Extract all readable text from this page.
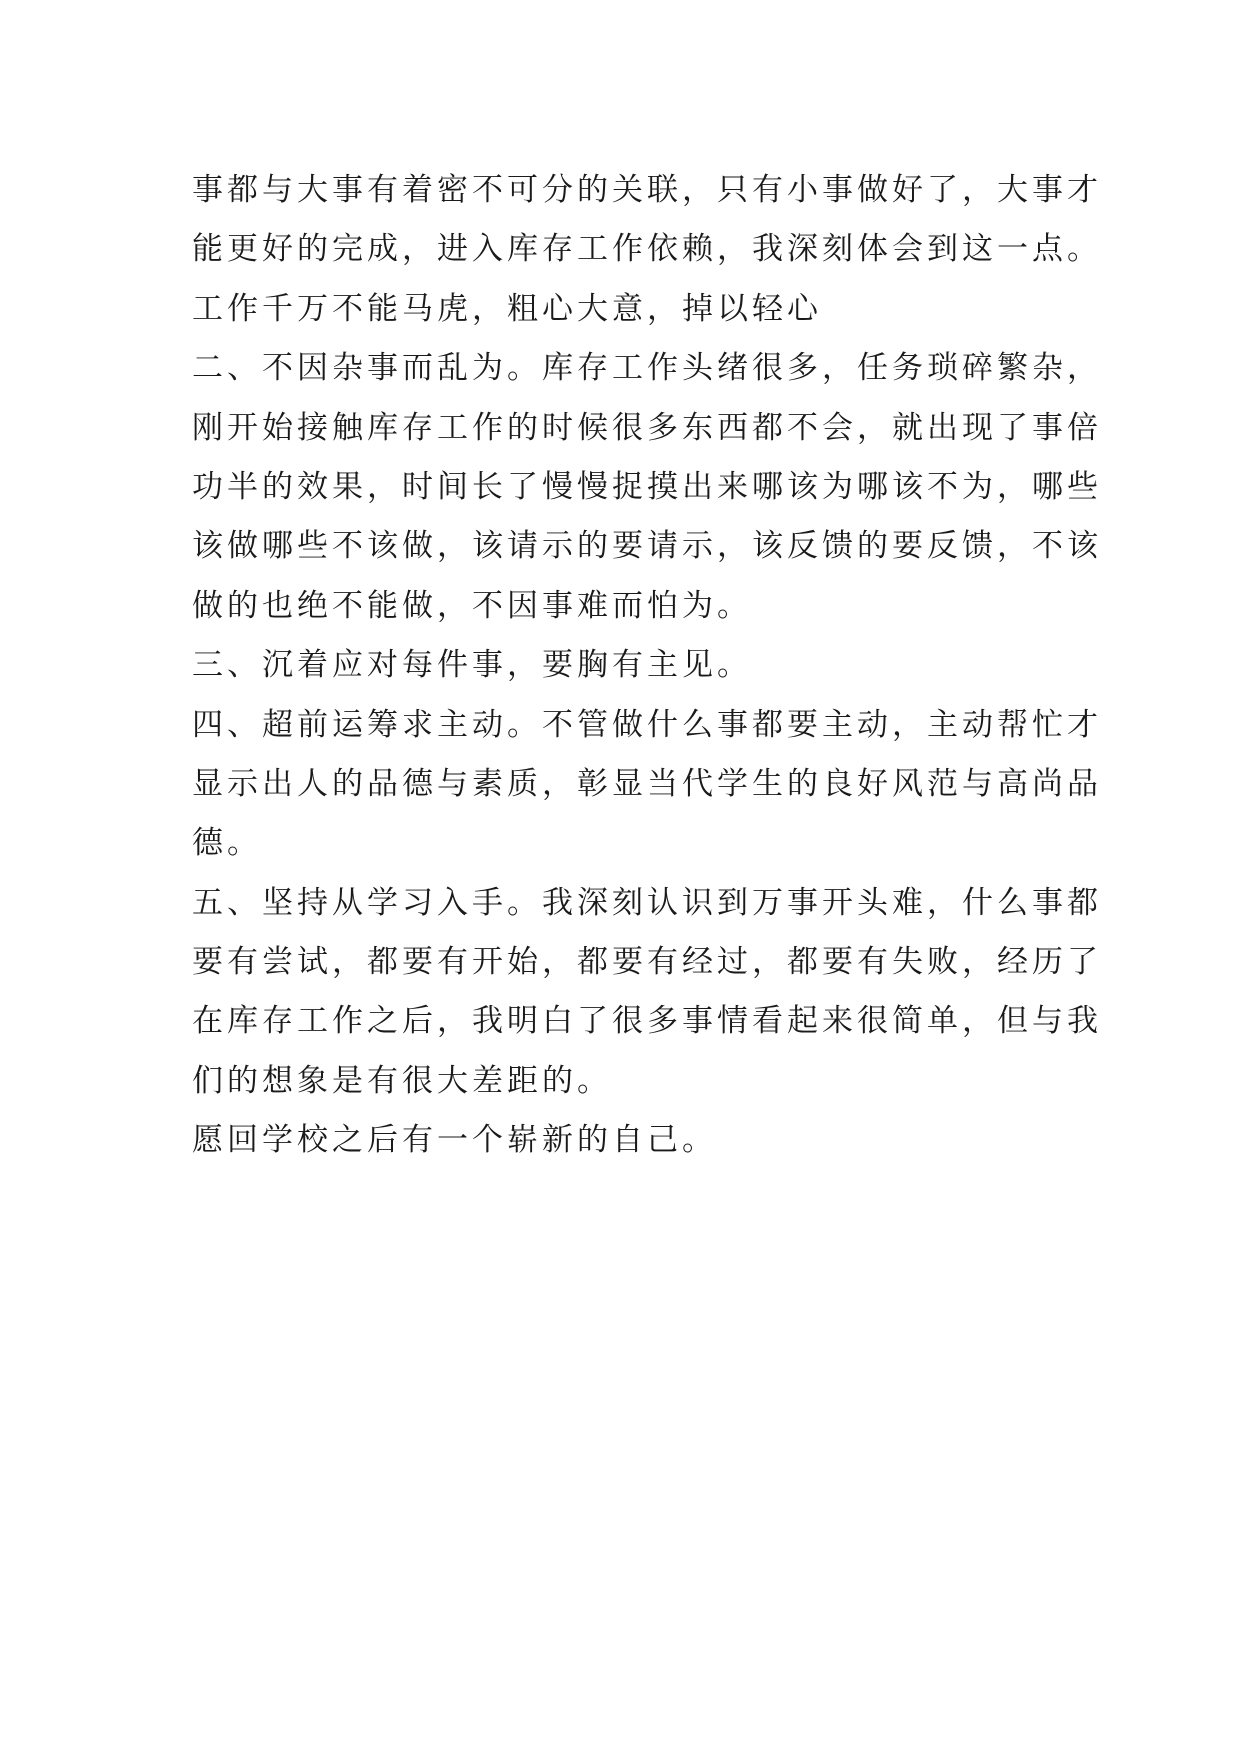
事都与大事有着密不可分的关联，只有小事做好了，大事才
能更好的完成，进入库存工作依赖，我深刻体会到这一点。
工作千万不能马虎，粗心大意，掉以轻心
二、不因杂事而乱为。库存工作头绪很多，任务琐碎繁杂，
刚开始接触库存工作的时候很多东西都不会，就出现了事倍
功半的效果，时间长了慢慢捉摸出来哪该为哪该不为，哪些
该做哪些不该做，该请示的要请示，该反馈的要反馈，不该
做的也绝不能做，不因事难而怕为。
三、沉着应对每件事，要胸有主见。
四、超前运筹求主动。不管做什么事都要主动，主动帮忙才
显示出人的品德与素质，彰显当代学生的良好风范与高尚品
德。
五、坚持从学习入手。我深刻认识到万事开头难，什么事都
要有尝试，都要有开始，都要有经过，都要有失败，经历了
在库存工作之后，我明白了很多事情看起来很简单，但与我
们的想象是有很大差距的。
愿回学校之后有一个崭新的自己。
